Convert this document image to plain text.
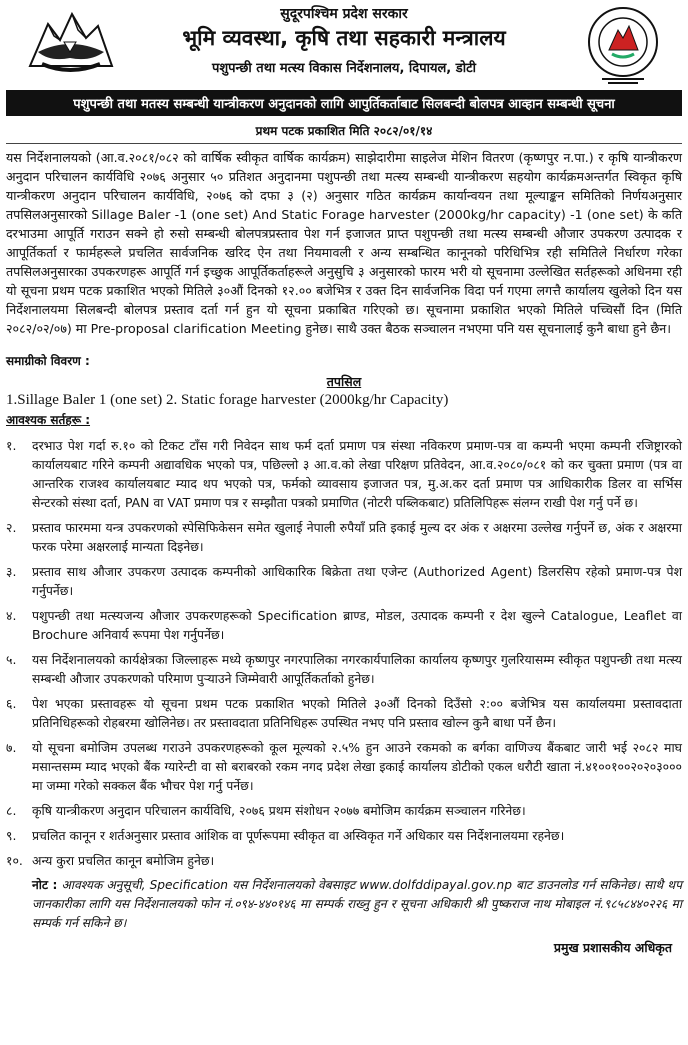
सुदूरपश्चिम प्रदेश सरकार
भूमि व्यवस्था, कृषि तथा सहकारी मन्त्रालय
पशुपन्छी तथा मत्स्य विकास निर्देशनालय, दिपायल, डोटी
पशुपन्छी तथा मतस्य सम्बन्धी यान्त्रीकरण अनुदानको लागि आपुर्तिकर्ताबाट सिलबन्दी बोलपत्र आव्हान सम्बन्धी सूचना
प्रथम पटक प्रकाशित मिति २०८२/०१/१४

यस निर्देशनालयको (आ.व.२०८१/०८२ को वार्षिक स्वीकृत वार्षिक कार्यक्रम) साझेदारीमा साइलेज मेशिन वितरण (कृष्णपुर न.पा.) र कृषि यान्त्रीकरण अनुदान परिचालन कार्यविधि २०७६ अनुसार ५० प्रतिशत अनुदानमा पशुपन्छी तथा मत्स्य सम्बन्धी यान्त्रीकरण सहयोग कार्यक्रमअन्तर्गत स्विकृत कृषि यान्त्रीकरण अनुदान परिचालन कार्यविधि, २०७६ को दफा ३ (२) अनुसार गठित कार्यक्रम कार्यान्वयन तथा मूल्याङ्कन समितिको निर्णयअनुसार तपसिलअनुसारको Sillage Baler -1 (one set) And Static Forage harvester (2000kg/hr capacity) -1 (one set) के कति दरभाउमा आपूर्ति गराउन सक्ने हो रुसो सम्बन्धी बोलपत्रप्रस्ताव पेश गर्न इजाजत प्राप्त पशुपन्छी तथा मत्स्य सम्बन्धी औजार उपकरण उत्पादक र आपूर्तिकर्ता र फार्महरूले प्रचलित सार्वजनिक खरिद ऐन तथा नियमावली र अन्य सम्बन्धित कानूनको परिधिभित्र रही समितिले निर्धारण गरेका तपसिलअनुसारका उपकरणहरू आपूर्ति गर्न इच्छुक आपूर्तिकर्ताहरूले अनुसुचि ३ अनुसारको फारम भरी यो सूचनामा उल्लेखित सर्तहरूको अधिनमा रही यो सूचना प्रथम पटक प्रकाशित भएको मितिले ३०औं दिनको १२.०० बजेभित्र र उक्त दिन सार्वजनिक विदा पर्न गएमा लगत्तै कार्यालय खुलेको दिन यस निर्देशनालयमा सिलबन्दी बोलपत्र प्रस्ताव दर्ता गर्न हुन यो सूचना प्रकाबित गरिएको छ। सूचनामा प्रकाशित भएको मितिले पच्चिसौं दिन (मिति २०८२/०२/०७) मा Pre-proposal clarification Meeting हुनेछ। साथै उक्त बैठक सञ्चालन नभएमा पनि यस सूचनालाई कुनै बाधा हुने छैन।

समाग्रीको विवरण :
तपसिल
1.Sillage Baler 1 (one set) 2. Static forage harvester (2000kg/hr Capacity)
आवश्यक सर्तहरू :
१.	दरभाउ पेश गर्दा रु.१० को टिकट टाँस गरी निवेदन साथ फर्म दर्ता प्रमाण पत्र संस्था नविकरण प्रमाण-पत्र वा कम्पनी भएमा कम्पनी रजिष्ट्रारको कार्यालयबाट गरिने कम्पनी अद्यावधिक भएको पत्र, पछिल्लो ३ आ.व.को लेखा परिक्षण प्रतिवेदन, आ.व.२०८०/०८१ को कर चुक्ता प्रमाण (पत्र वा आन्तरिक राजश्व कार्यालयबाट म्याद थप भएको पत्र, फर्मको व्यावसाय इजाजत पत्र, मु.अ.कर दर्ता प्रमाण पत्र आधिकारीक डिलर वा सर्भिस सेन्टरको संस्था दर्ता, PAN वा VAT प्रमाण पत्र र सम्झौता पत्रको प्रमाणित (नोटरी पब्लिकबाट) प्रतिलिपिहरू संलग्न राखी पेश गर्नु पर्ने छ।
२.	प्रस्ताव फारममा यन्त्र उपकरणको स्पेसिफिकेसन समेत खुलाई नेपाली रुपैयाँ प्रति इकाई मुल्य दर अंक र अक्षरमा उल्लेख गर्नुपर्ने छ, अंक र अक्षरमा फरक परेमा अक्षरलाई मान्यता दिइनेछ।
३.	प्रस्ताव साथ औजार उपकरण उत्पादक कम्पनीको आधिकारिक बिक्रेता तथा एजेन्ट (Authorized Agent) डिलरसिप रहेको प्रमाण-पत्र पेश गर्नुपर्नेछ।
४.	पशुपन्छी तथा मत्स्यजन्य औजार उपकरणहरूको Specification ब्राण्ड, मोडल, उत्पादक कम्पनी र देश खुल्ने Catalogue, Leaflet वा Brochure अनिवार्य रूपमा पेश गर्नुपर्नेछ।
५.	यस निर्देशनालयको कार्यक्षेत्रका जिल्लाहरू मध्ये कृष्णपुर नगरपालिका नगरकार्यपालिका कार्यालय कृष्णपुर गुलरियासम्म स्वीकृत पशुपन्छी तथा मत्स्य सम्बन्धी औजार उपकरणको परिमाण पुऱ्याउने जिम्मेवारी आपूर्तिकर्ताको हुनेछ।
६.	पेश भएका प्रस्तावहरू यो सूचना प्रथम पटक प्रकाशित भएको मितिले ३०औं दिनको दिउँसो २:०० बजेभित्र यस कार्यालयमा प्रस्तावदाता प्रतिनिधिहरूको रोहबरमा खोलिनेछ। तर प्रस्तावदाता प्रतिनिधिहरू उपस्थित नभए पनि प्रस्ताव खोल्न कुनै बाधा पर्ने छैन।
७.	यो सूचना बमोजिम उपलब्ध गराउने उपकरणहरूको कूल मूल्यको २.५% हुन आउने रकमको क बर्गका वाणिज्य बैंकबाट जारी भई २०८२ माघ मसान्तसम्म म्याद भएको बैंक ग्यारेन्टी वा सो बराबरको रकम नगद प्रदेश लेखा इकाई कार्यालय डोटीको एकल धरौटी खाता नं.४१००१००२०२०३००० मा जम्मा गरेको सक्कल बैंक भौचर पेश गर्नु पर्नेछ।
८.	कृषि यान्त्रीकरण अनुदान परिचालन कार्यविधि, २०७६ प्रथम संशोधन २०७७ बमोजिम कार्यक्रम सञ्चालन गरिनेछ।
९.	प्रचलित कानून र शर्तअनुसार प्रस्ताव आंशिक वा पूर्णरूपमा स्वीकृत वा अस्विकृत गर्ने अधिकार यस निर्देशनालयमा रहनेछ।
१०. अन्य कुरा प्रचलित कानून बमोजिम हुनेछ।

नोट : आवश्यक अनुसूची, Specification यस निर्देशनालयको वेबसाइट www.dolfddipayal.gov.np बाट डाउनलोड गर्न सकिनेछ। साथै थप जानकारीका लागि यस निर्देशनालयको फोन नं.०९४-४४०१४६ मा सम्पर्क राख्नु हुन र सूचना अधिकारी श्री पुष्कराज नाथ मोबाइल नं.९८५८४४०२२६ मा सम्पर्क गर्न सकिने छ।

प्रमुख प्रशासकीय अधिकृत
